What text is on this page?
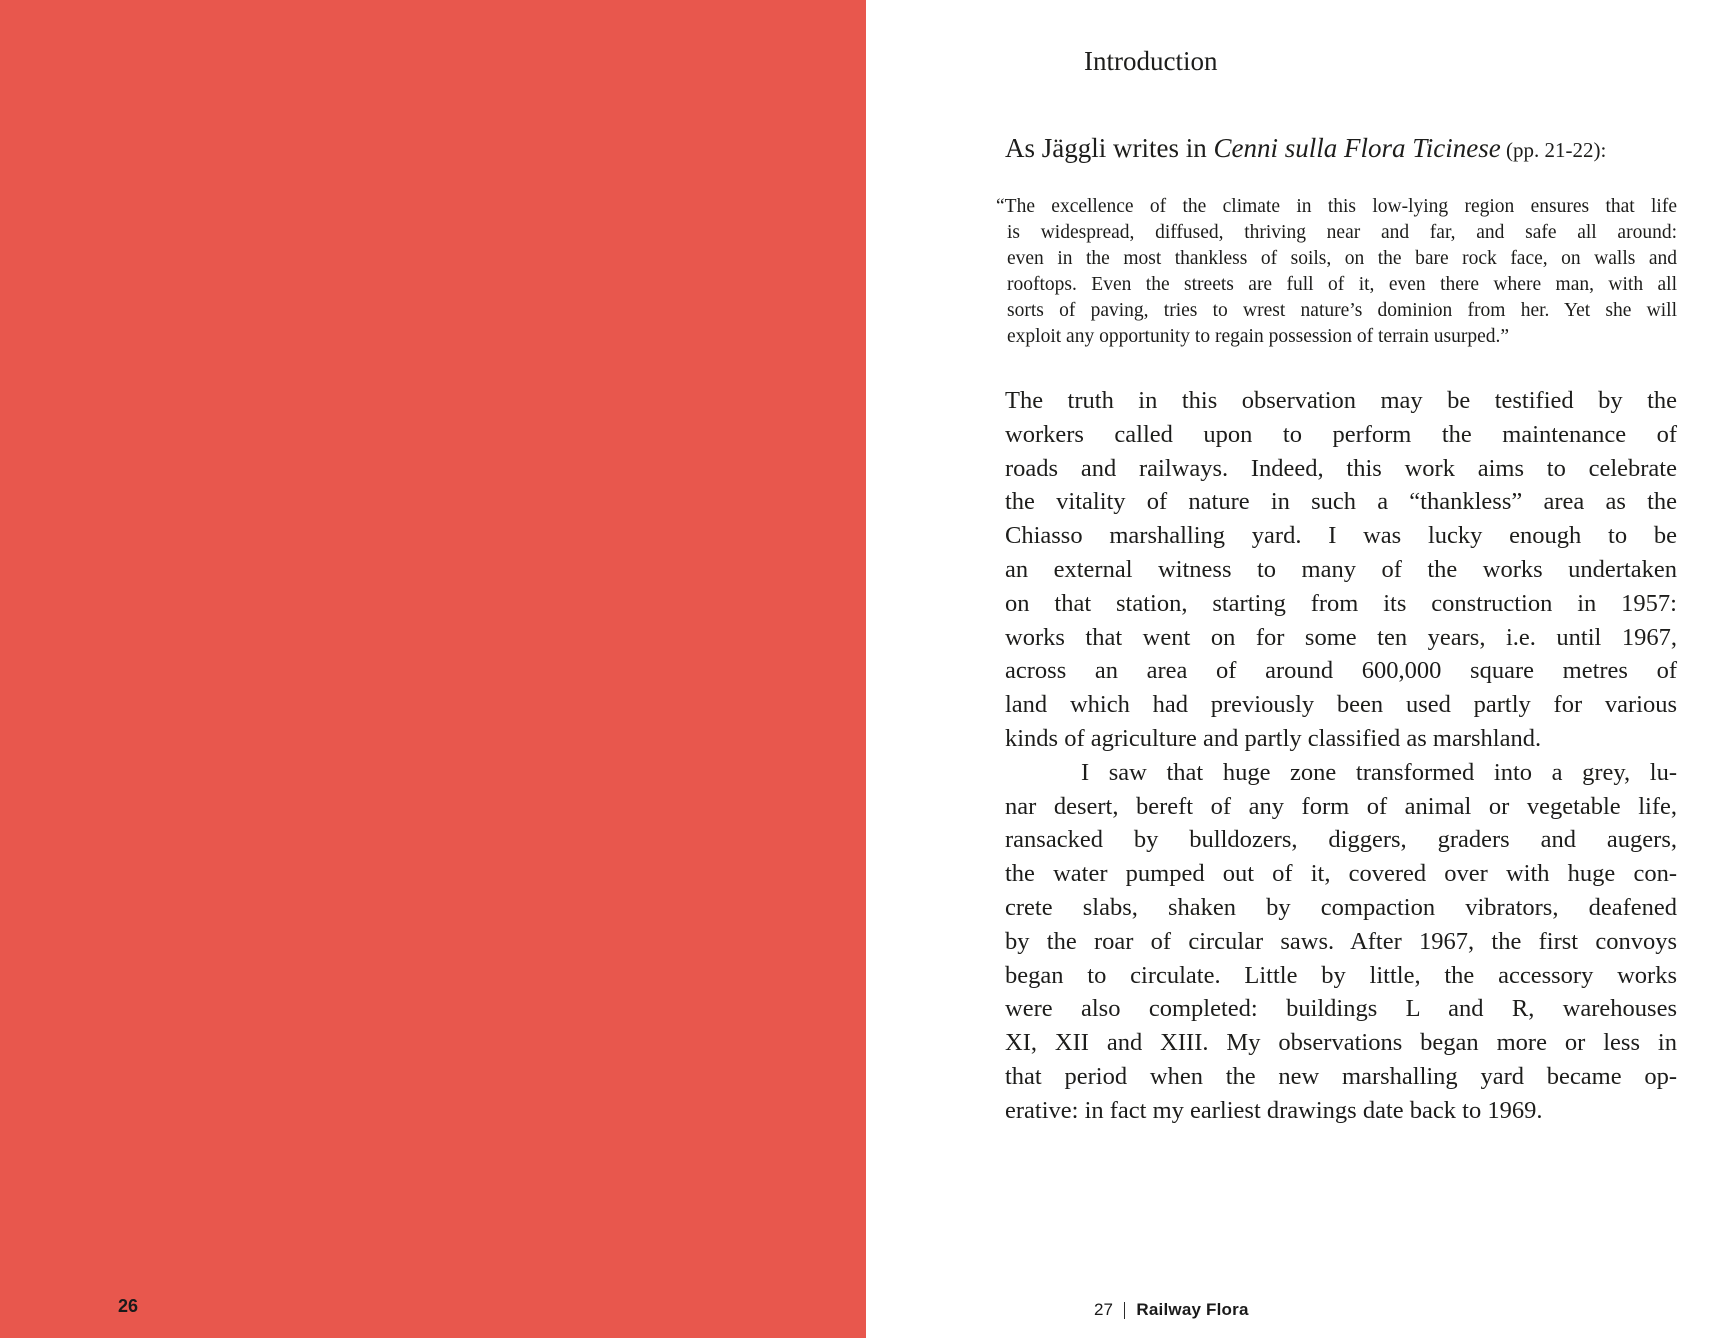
26
Introduction
As Jäggli writes in Cenni sulla Flora Ticinese (pp. 21-22):
“The excellence of the climate in this low-lying region ensures that life
is widespread, diffused, thriving near and far, and safe all around:
even in the most thankless of soils, on the bare rock face, on walls and
rooftops. Even the streets are full of it, even there where man, with all
sorts of paving, tries to wrest nature’s dominion from her. Yet she will
exploit any opportunity to regain possession of terrain usurped.”
The truth in this observation may be testified by the
workers called upon to perform the maintenance of
roads and railways. Indeed, this work aims to celebrate
the vitality of nature in such a “thankless” area as the
Chiasso marshalling yard. I was lucky enough to be
an external witness to many of the works undertaken
on that station, starting from its construction in 1957:
works that went on for some ten years, i.e. until 1967,
across an area of around 600,000 square metres of
land which had previously been used partly for various
kinds of agriculture and partly classified as marshland.
I saw that huge zone transformed into a grey, lu-
nar desert, bereft of any form of animal or vegetable life,
ransacked by bulldozers, diggers, graders and augers,
the water pumped out of it, covered over with huge con-
crete slabs, shaken by compaction vibrators, deafened
by the roar of circular saws. After 1967, the first convoys
began to circulate. Little by little, the accessory works
were also completed: buildings L and R, warehouses
XI, XII and XIII. My observations began more or less in
that period when the new marshalling yard became op-
erative: in fact my earliest drawings date back to 1969.
27 Railway Flora
